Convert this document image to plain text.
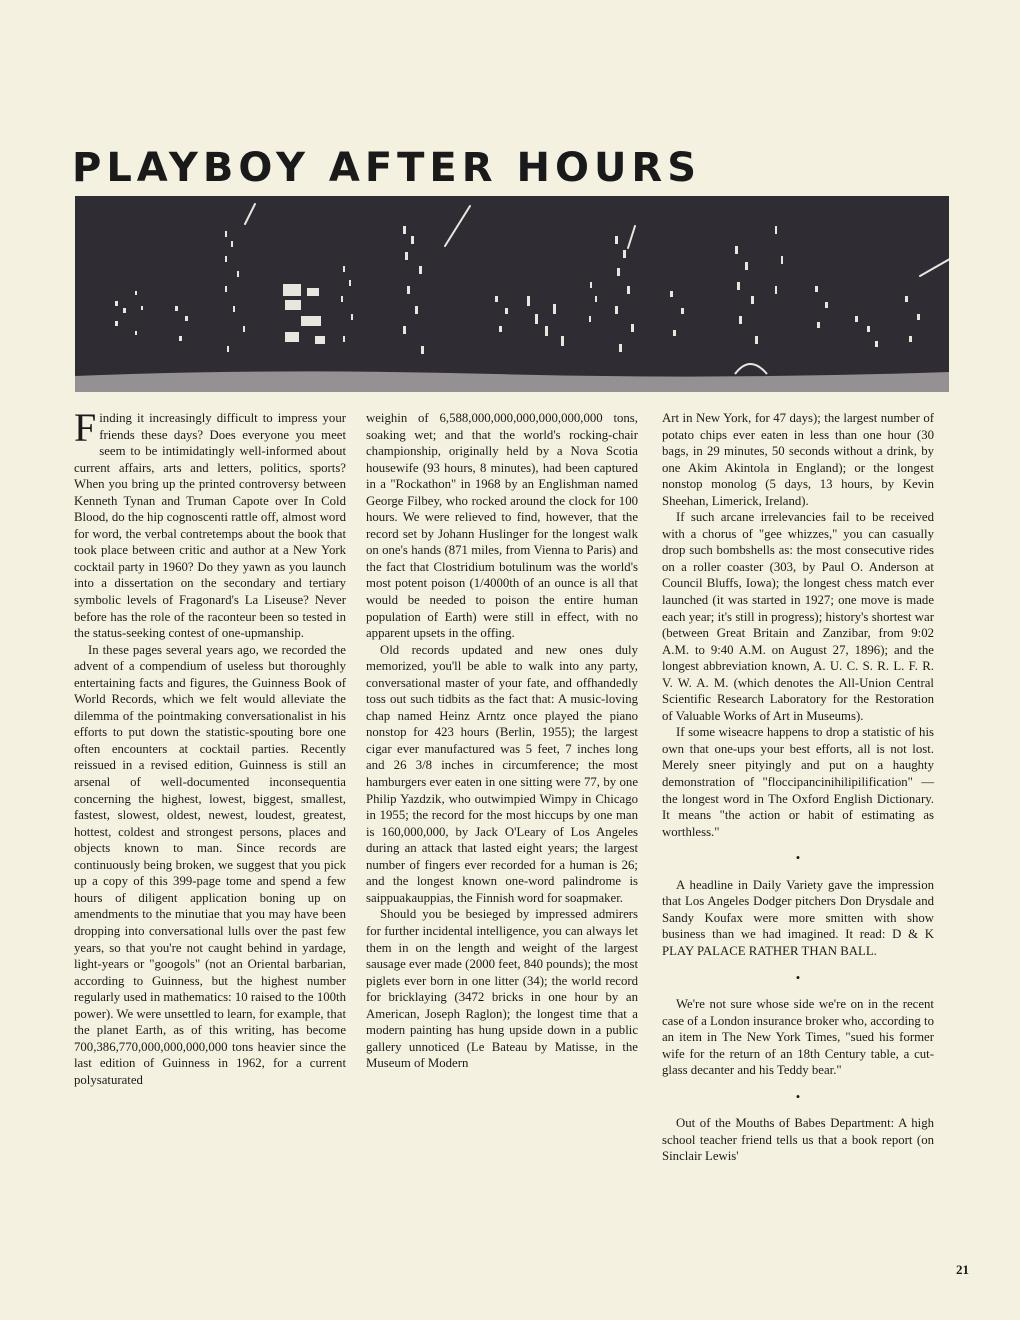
PLAYBOY AFTER HOURS

Finding it increasingly difficult to impress your friends these days? Does everyone you meet seem to be intimidatingly well-informed about current affairs, arts and letters, politics, sports? When you bring up the printed controversy between Kenneth Tynan and Truman Capote over In Cold Blood, do the hip cognoscenti rattle off, almost word for word, the verbal contretemps about the book that took place between critic and author at a New York cocktail party in 1960? Do they yawn as you launch into a dissertation on the secondary and tertiary symbolic levels of Fragonard's La Liseuse? Never before has the role of the raconteur been so tested in the status-seeking contest of one-upmanship.

In these pages several years ago, we recorded the advent of a compendium of useless but thoroughly entertaining facts and figures, the Guinness Book of World Records, which we felt would alleviate the dilemma of the pointmaking conversationalist in his efforts to put down the statistic-spouting bore one often encounters at cocktail parties. Recently reissued in a revised edition, Guinness is still an arsenal of well-documented inconsequentia concerning the highest, lowest, biggest, smallest, fastest, slowest, oldest, newest, loudest, greatest, hottest, coldest and strongest persons, places and objects known to man. Since records are continuously being broken, we suggest that you pick up a copy of this 399-page tome and spend a few hours of diligent application boning up on amendments to the minutiae that you may have been dropping into conversational lulls over the past few years, so that you're not caught behind in yardage, light-years or "googols" (not an Oriental barbarian, according to Guinness, but the highest number regularly used in mathematics: 10 raised to the 100th power). We were unsettled to learn, for example, that the planet Earth, as of this writing, has become 700,386,770,000,000,000,000 tons heavier since the last edition of Guinness in 1962, for a current polysaturated

weighin of 6,588,000,000,000,000,000,000 tons, soaking wet; and that the world's rocking-chair championship, originally held by a Nova Scotia housewife (93 hours, 8 minutes), had been captured in a "Rockathon" in 1968 by an Englishman named George Filbey, who rocked around the clock for 100 hours. We were relieved to find, however, that the record set by Johann Huslinger for the longest walk on one's hands (871 miles, from Vienna to Paris) and the fact that Clostridium botulinum was the world's most potent poison (1/4000th of an ounce is all that would be needed to poison the entire human population of Earth) were still in effect, with no apparent upsets in the offing.

Old records updated and new ones duly memorized, you'll be able to walk into any party, conversational master of your fate, and offhandedly toss out such tidbits as the fact that: A music-loving chap named Heinz Arntz once played the piano nonstop for 423 hours (Berlin, 1955); the largest cigar ever manufactured was 5 feet, 7 inches long and 26 3/8 inches in circumference; the most hamburgers ever eaten in one sitting were 77, by one Philip Yazdzik, who outwimpied Wimpy in Chicago in 1955; the record for the most hiccups by one man is 160,000,000, by Jack O'Leary of Los Angeles during an attack that lasted eight years; the largest number of fingers ever recorded for a human is 26; and the longest known one-word palindrome is saippuakauppias, the Finnish word for soapmaker.

Should you be besieged by impressed admirers for further incidental intelligence, you can always let them in on the length and weight of the largest sausage ever made (2000 feet, 840 pounds); the most piglets ever born in one litter (34); the world record for bricklaying (3472 bricks in one hour by an American, Joseph Raglon); the longest time that a modern painting has hung upside down in a public gallery unnoticed (Le Bateau by Matisse, in the Museum of Modern

Art in New York, for 47 days); the largest number of potato chips ever eaten in less than one hour (30 bags, in 29 minutes, 50 seconds without a drink, by one Akim Akintola in England); or the longest nonstop monolog (5 days, 13 hours, by Kevin Sheehan, Limerick, Ireland).

If such arcane irrelevancies fail to be received with a chorus of "gee whizzes," you can casually drop such bombshells as: the most consecutive rides on a roller coaster (303, by Paul O. Anderson at Council Bluffs, Iowa); the longest chess match ever launched (it was started in 1927; one move is made each year; it's still in progress); history's shortest war (between Great Britain and Zanzibar, from 9:02 A.M. to 9:40 A.M. on August 27, 1896); and the longest abbreviation known, A. U. C. S. R. L. F. R. V. W. A. M. (which denotes the All-Union Central Scientific Research Laboratory for the Restoration of Valuable Works of Art in Museums).

If some wiseacre happens to drop a statistic of his own that one-ups your best efforts, all is not lost. Merely sneer pityingly and put on a haughty demonstration of "floccipancinihilipilification" —the longest word in The Oxford English Dictionary. It means "the action or habit of estimating as worthless."

•

A headline in Daily Variety gave the impression that Los Angeles Dodger pitchers Don Drysdale and Sandy Koufax were more smitten with show business than we had imagined. It read: D & K PLAY PALACE RATHER THAN BALL.

•

We're not sure whose side we're on in the recent case of a London insurance broker who, according to an item in The New York Times, "sued his former wife for the return of an 18th Century table, a cut-glass decanter and his Teddy bear."

•

Out of the Mouths of Babes Department: A high school teacher friend tells us that a book report (on Sinclair Lewis'

21
